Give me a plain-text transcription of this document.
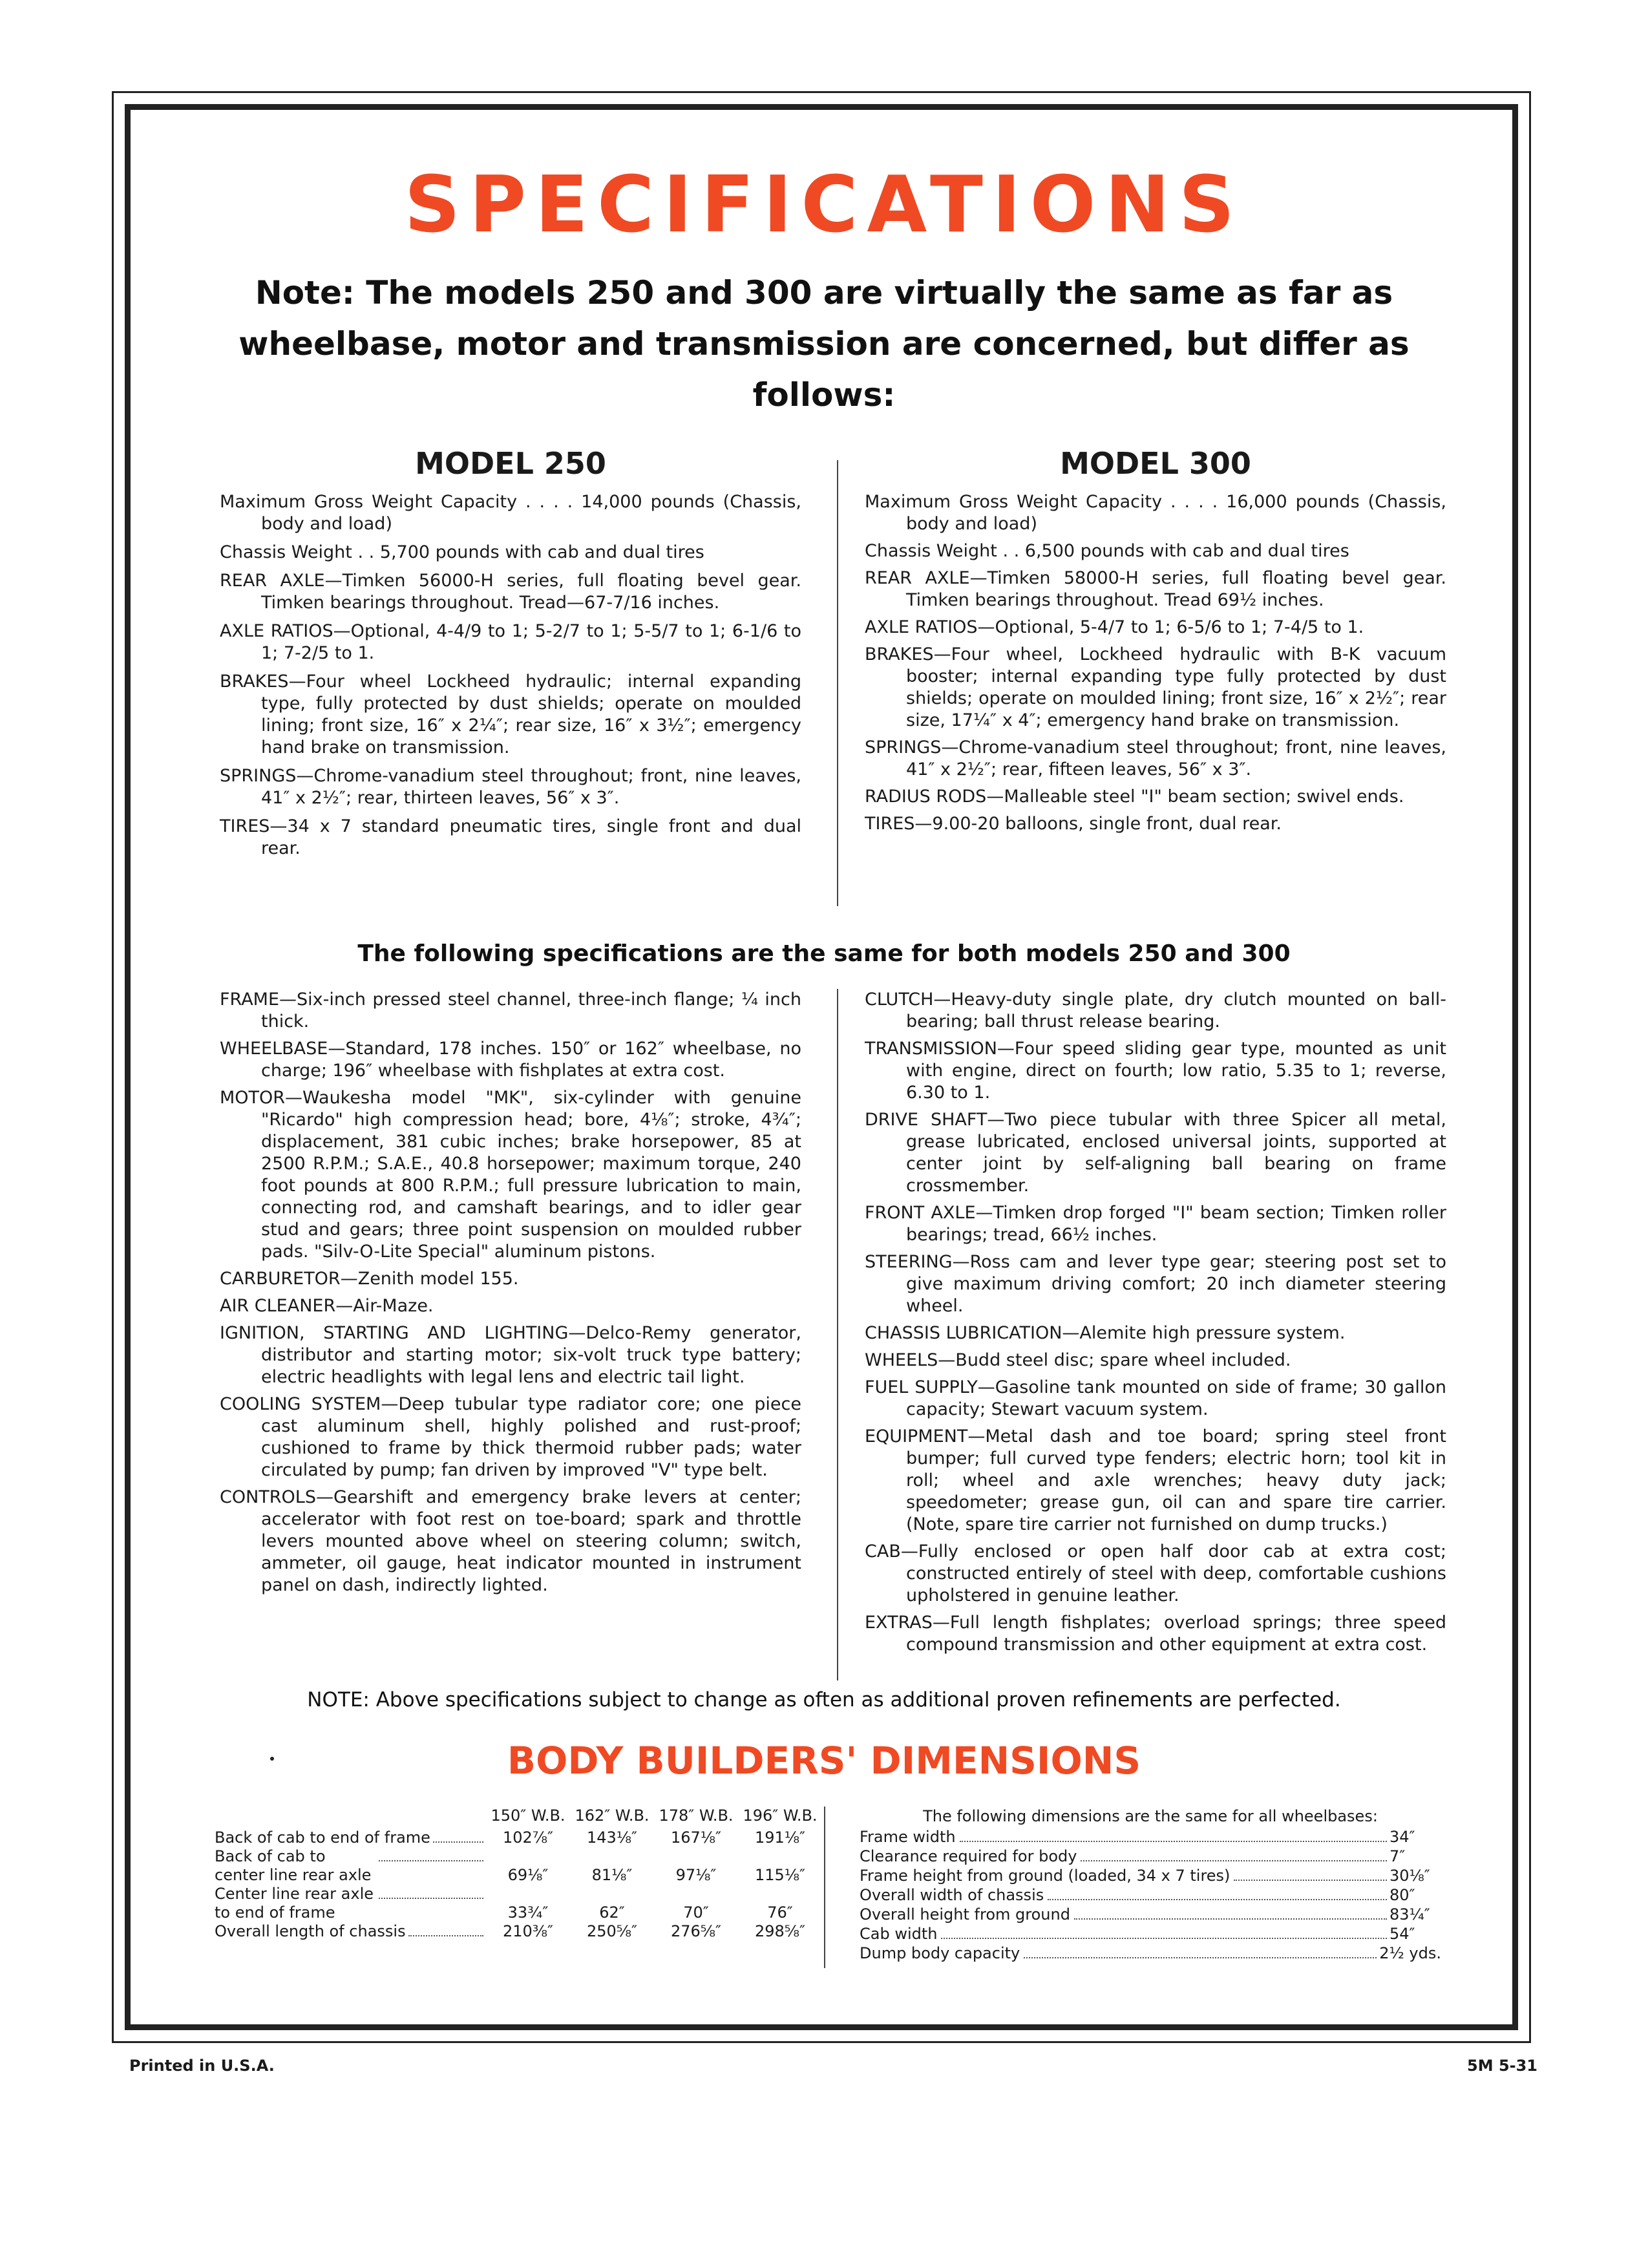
SPECIFICATIONS
Note: The models 250 and 300 are virtually the same as far as wheelbase, motor and transmission are concerned, but differ as follows:
MODEL 250

Maximum Gross Weight Capacity . . . . 14,000 pounds (Chassis, body and load)

Chassis Weight . . 5,700 pounds with cab and dual tires

REAR AXLE—Timken 56000-H series, full floating bevel gear. Timken bearings throughout. Tread—67-7/16 inches.

AXLE RATIOS—Optional, 4-4/9 to 1; 5-2/7 to 1; 5-5/7 to 1; 6-1/6 to 1; 7-2/5 to 1.

BRAKES—Four wheel Lockheed hydraulic; internal expanding type, fully protected by dust shields; operate on moulded lining; front size, 16″ x 2¼″; rear size, 16″ x 3½″; emergency hand brake on transmission.

SPRINGS—Chrome-vanadium steel throughout; front, nine leaves, 41″ x 2½″; rear, thirteen leaves, 56″ x 3″.

TIRES—34 x 7 standard pneumatic tires, single front and dual rear.

MODEL 300

Maximum Gross Weight Capacity . . . . 16,000 pounds (Chassis, body and load)

Chassis Weight . . 6,500 pounds with cab and dual tires

REAR AXLE—Timken 58000-H series, full floating bevel gear. Timken bearings throughout. Tread 69½ inches.

AXLE RATIOS—Optional, 5-4/7 to 1; 6-5/6 to 1; 7-4/5 to 1.

BRAKES—Four wheel, Lockheed hydraulic with B-K vacuum booster; internal expanding type fully protected by dust shields; operate on moulded lining; front size, 16″ x 2½″; rear size, 17¼″ x 4″; emergency hand brake on transmission.

SPRINGS—Chrome-vanadium steel throughout; front, nine leaves, 41″ x 2½″; rear, fifteen leaves, 56″ x 3″.

RADIUS RODS—Malleable steel "I" beam section; swivel ends.

TIRES—9.00-20 balloons, single front, dual rear.

The following specifications are the same for both models 250 and 300

FRAME—Six-inch pressed steel channel, three-inch flange; ¼ inch thick.

WHEELBASE—Standard, 178 inches. 150″ or 162″ wheelbase, no charge; 196″ wheelbase with fishplates at extra cost.

MOTOR—Waukesha model "MK", six-cylinder with genuine "Ricardo" high compression head; bore, 4⅛″; stroke, 4¾″; displacement, 381 cubic inches; brake horsepower, 85 at 2500 R.P.M.; S.A.E., 40.8 horsepower; maximum torque, 240 foot pounds at 800 R.P.M.; full pressure lubrication to main, connecting rod, and camshaft bearings, and to idler gear stud and gears; three point suspension on moulded rubber pads. "Silv-O-Lite Special" aluminum pistons.

CARBURETOR—Zenith model 155.

AIR CLEANER—Air-Maze.

IGNITION, STARTING AND LIGHTING—Delco-Remy generator, distributor and starting motor; six-volt truck type battery; electric headlights with legal lens and electric tail light.

COOLING SYSTEM—Deep tubular type radiator core; one piece cast aluminum shell, highly polished and rust-proof; cushioned to frame by thick thermoid rubber pads; water circulated by pump; fan driven by improved "V" type belt.

CONTROLS—Gearshift and emergency brake levers at center; accelerator with foot rest on toe-board; spark and throttle levers mounted above wheel on steering column; switch, ammeter, oil gauge, heat indicator mounted in instrument panel on dash, indirectly lighted.

CLUTCH—Heavy-duty single plate, dry clutch mounted on ball-bearing; ball thrust release bearing.

TRANSMISSION—Four speed sliding gear type, mounted as unit with engine, direct on fourth; low ratio, 5.35 to 1; reverse, 6.30 to 1.

DRIVE SHAFT—Two piece tubular with three Spicer all metal, grease lubricated, enclosed universal joints, supported at center joint by self-aligning ball bearing on frame crossmember.

FRONT AXLE—Timken drop forged "I" beam section; Timken roller bearings; tread, 66½ inches.

STEERING—Ross cam and lever type gear; steering post set to give maximum driving comfort; 20 inch diameter steering wheel.

CHASSIS LUBRICATION—Alemite high pressure system.

WHEELS—Budd steel disc; spare wheel included.

FUEL SUPPLY—Gasoline tank mounted on side of frame; 30 gallon capacity; Stewart vacuum system.

EQUIPMENT—Metal dash and toe board; spring steel front bumper; full curved type fenders; electric horn; tool kit in roll; wheel and axle wrenches; heavy duty jack; speedometer; grease gun, oil can and spare tire carrier. (Note, spare tire carrier not furnished on dump trucks.)

CAB—Fully enclosed or open half door cab at extra cost; constructed entirely of steel with deep, comfortable cushions upholstered in genuine leather.

EXTRAS—Full length fishplates; overload springs; three speed compound transmission and other equipment at extra cost.

NOTE: Above specifications subject to change as often as additional proven refinements are perfected.
BODY BUILDERS' DIMENSIONS
	150″ W.B.	162″ W.B.	178″ W.B.	196″ W.B.

Back of cab to end of frame	102⅞″	143⅛″	167⅛″	191⅛″

Back of cab to center line rear axle	69⅛″	81⅛″	97⅛″	115⅛″

Center line rear axle to end of frame	33¾″	62″	70″	76″

Overall length of chassis	210⅜″	250⅝″	276⅝″	298⅝″
The following dimensions are the same for all wheelbases:
Frame width	34″
Clearance required for body	7″
Frame height from ground (loaded, 34 x 7 tires)	30⅛″
Overall width of chassis	80″
Overall height from ground	83¼″
Cab width	54″
Dump body capacity	2½ yds.
Printed in U.S.A.	5M 5-31
